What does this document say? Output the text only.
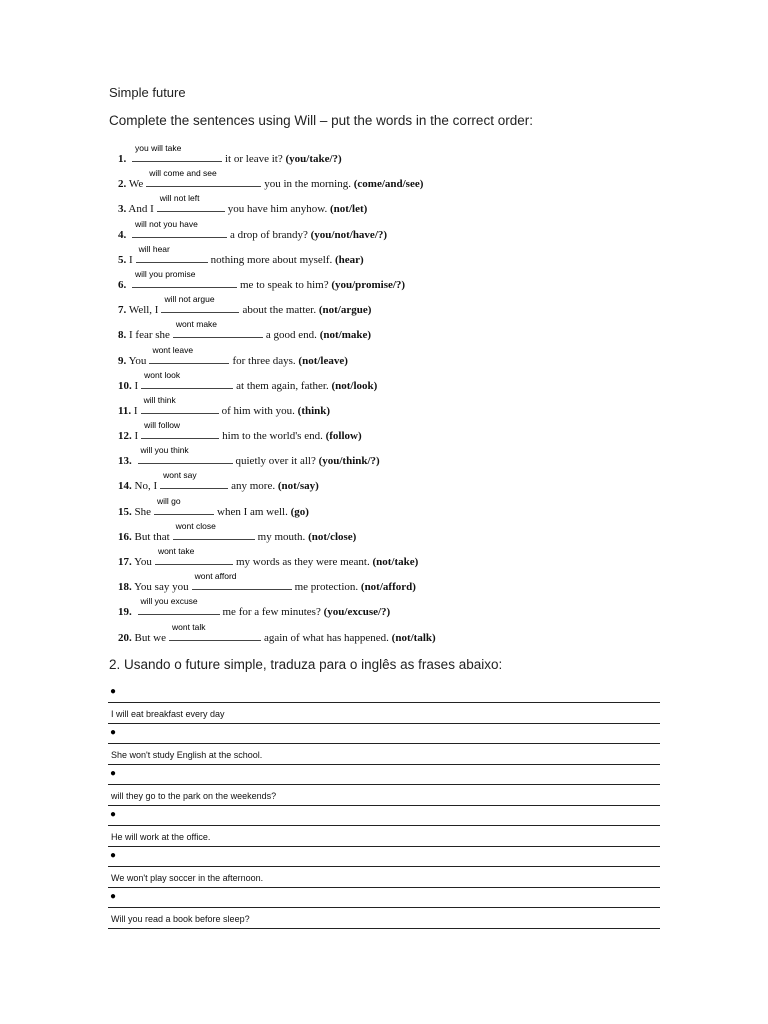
Simple future
Complete the sentences using Will – put the words in the correct order:
1.
you will take
it or leave it? (you/take/?)
2. We
will come and see
you in the morning. (come/and/see)
3. And I
will not left
you have him anyhow. (not/let)
4.
will not you have
a drop of brandy? (you/not/have/?)
5. I
will hear
nothing more about myself. (hear)
6.
will you promise
me to speak to him? (you/promise/?)
7. Well, I
will not argue
about the matter. (not/argue)
8. I fear she
wont make
a good end. (not/make)
9. You
wont leave
for three days. (not/leave)
10. I
wont look
at them again, father. (not/look)
11. I
will think
of him with you. (think)
12. I
will follow
him to the world's end. (follow)
13.
will you think
quietly over it all? (you/think/?)
14. No, I
wont say
any more. (not/say)
15. She
will go
when I am well. (go)
16. But that
wont close
my mouth. (not/close)
17. You
wont take
my words as they were meant. (not/take)
18. You say you
wont afford
me protection. (not/afford)
19.
will you excuse
me for a few minutes? (you/excuse/?)
20. But we
wont talk
again of what has happened. (not/talk)
2. Usando o future simple, traduza para o inglês as frases abaixo:
●
I will eat breakfast every day
●
She won't study English at the school.
●
will they go to the park on the weekends?
●
He will work at the office.
●
We won't play soccer in the afternoon.
●
Will you read a book before sleep?
